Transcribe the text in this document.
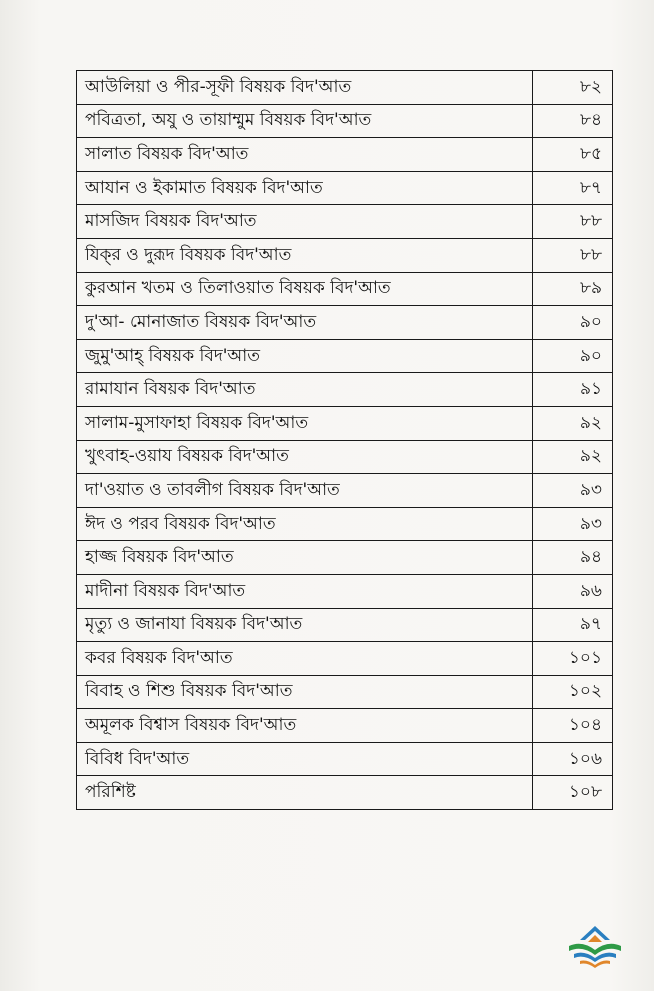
আউলিয়া ও পীর-সূফী বিষয়ক বিদ'আত	৮২
পবিত্রতা, অযু ও তায়াম্মুম বিষয়ক বিদ'আত	৮৪
সালাত বিষয়ক বিদ'আত	৮৫
আযান ও ইকামাত বিষয়ক বিদ'আত	৮৭
মাসজিদ বিষয়ক বিদ'আত	৮৮
যিক্‌র ও দুরূদ বিষয়ক বিদ'আত	৮৮
কুরআন খতম ও তিলাওয়াত বিষয়ক বিদ'আত	৮৯
দু'আ- মোনাজাত বিষয়ক বিদ'আত	৯০
জুমু'আহ্‌ বিষয়ক বিদ'আত	৯০
রামাযান বিষয়ক বিদ'আত	৯১
সালাম-মুসাফাহা বিষয়ক বিদ'আত	৯২
খুৎবাহ-ওয়ায বিষয়ক বিদ'আত	৯২
দা'ওয়াত ও তাবলীগ বিষয়ক বিদ'আত	৯৩
ঈদ ও পরব বিষয়ক বিদ'আত	৯৩
হাজ্জ বিষয়ক বিদ'আত	৯৪
মাদীনা বিষয়ক বিদ'আত	৯৬
মৃত্যু ও জানাযা বিষয়ক বিদ'আত	৯৭
কবর বিষয়ক বিদ'আত	১০১
বিবাহ ও শিশু বিষয়ক বিদ'আত	১০২
অমূলক বিশ্বাস বিষয়ক বিদ'আত	১০৪
বিবিধ বিদ'আত	১০৬
পরিশিষ্ট	১০৮
